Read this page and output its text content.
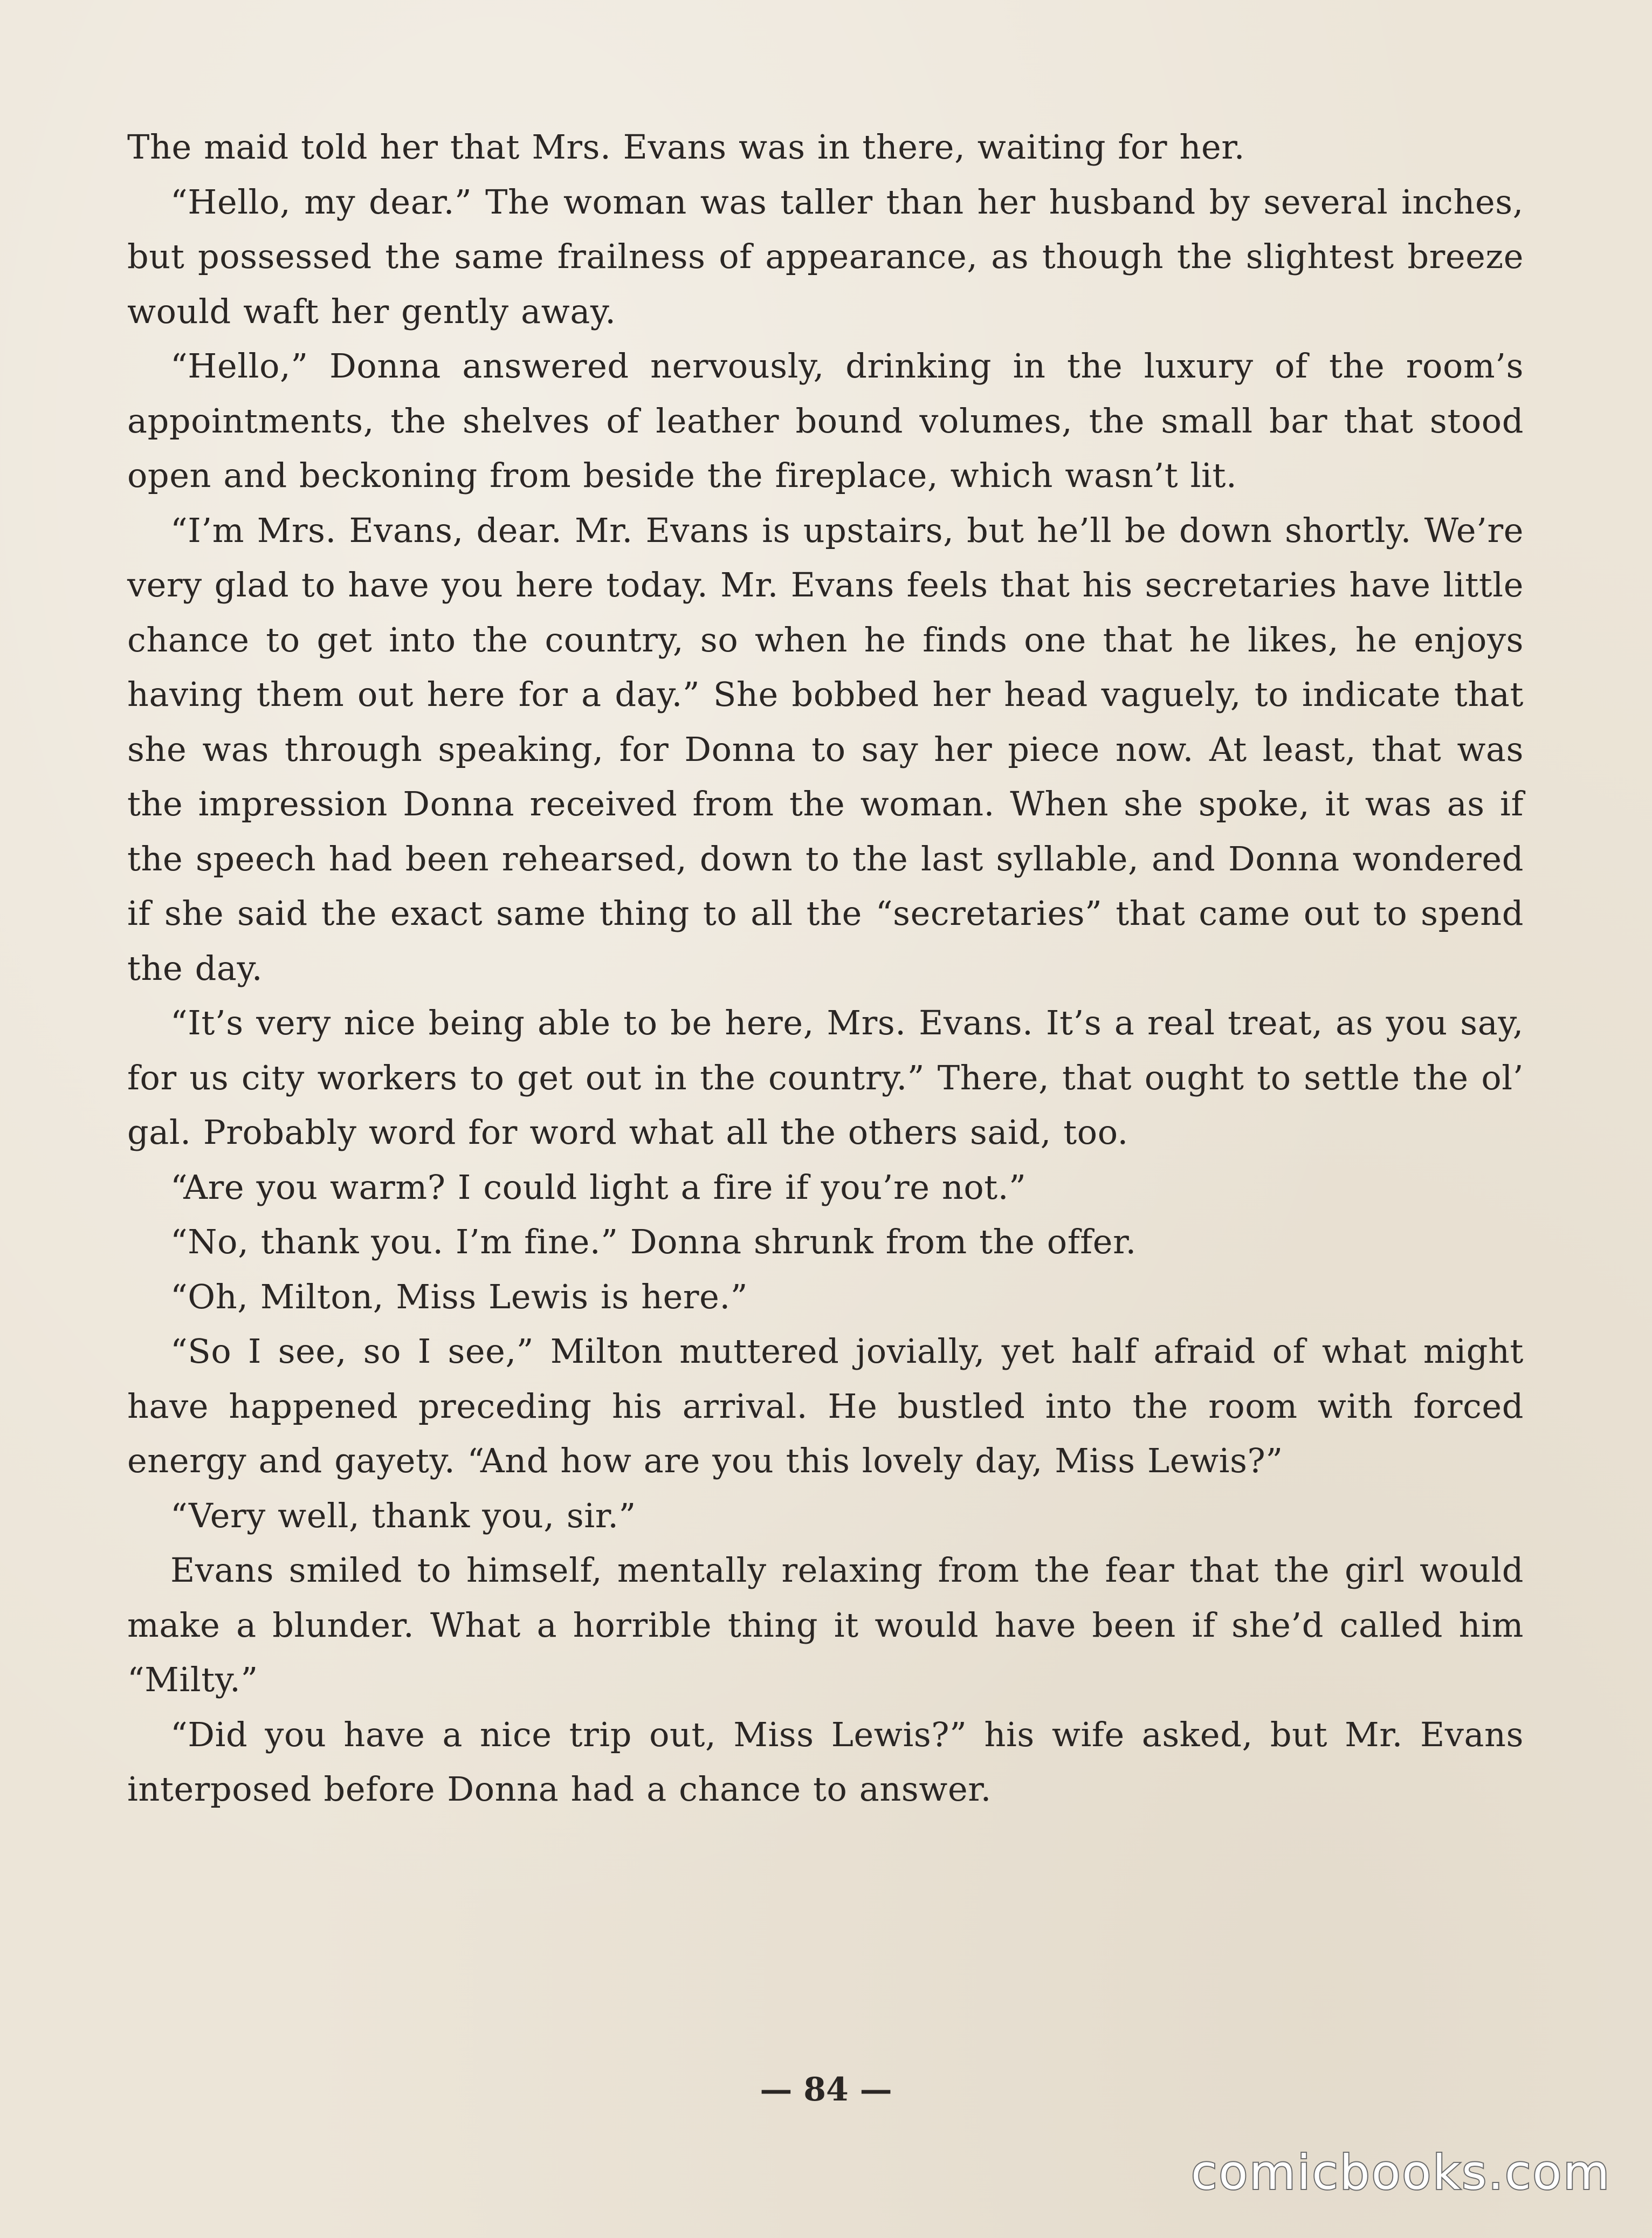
The maid told her that Mrs. Evans was in there, waiting for her.

“Hello, my dear.” The woman was taller than her husband by several inches, but possessed the same frailness of appearance, as though the slightest breeze would waft her gently away.

“Hello,” Donna answered nervously, drinking in the luxury of the room’s appointments, the shelves of leather bound volumes, the small bar that stood open and beckoning from beside the fireplace, which wasn’t lit.

“I’m Mrs. Evans, dear. Mr. Evans is upstairs, but he’ll be down shortly. We’re very glad to have you here today. Mr. Evans feels that his secretaries have little chance to get into the country, so when he finds one that he likes, he enjoys having them out here for a day.” She bobbed her head vaguely, to indicate that she was through speaking, for Donna to say her piece now. At least, that was the impression Donna received from the woman. When she spoke, it was as if the speech had been rehearsed, down to the last syllable, and Donna wondered if she said the exact same thing to all the “secretaries” that came out to spend the day.

“It’s very nice being able to be here, Mrs. Evans. It’s a real treat, as you say, for us city workers to get out in the country.” There, that ought to settle the ol’ gal. Probably word for word what all the others said, too.

“Are you warm? I could light a fire if you’re not.”

“No, thank you. I’m fine.” Donna shrunk from the offer.

“Oh, Milton, Miss Lewis is here.”

“So I see, so I see,” Milton muttered jovially, yet half afraid of what might have happened preceding his arrival. He bustled into the room with forced energy and gayety. “And how are you this lovely day, Miss Lewis?”

“Very well, thank you, sir.”

Evans smiled to himself, mentally relaxing from the fear that the girl would make a blunder. What a horrible thing it would have been if she’d called him “Milty.”

“Did you have a nice trip out, Miss Lewis?” his wife asked, but Mr. Evans interposed before Donna had a chance to answer.

— 84 —
comicbooks.com
